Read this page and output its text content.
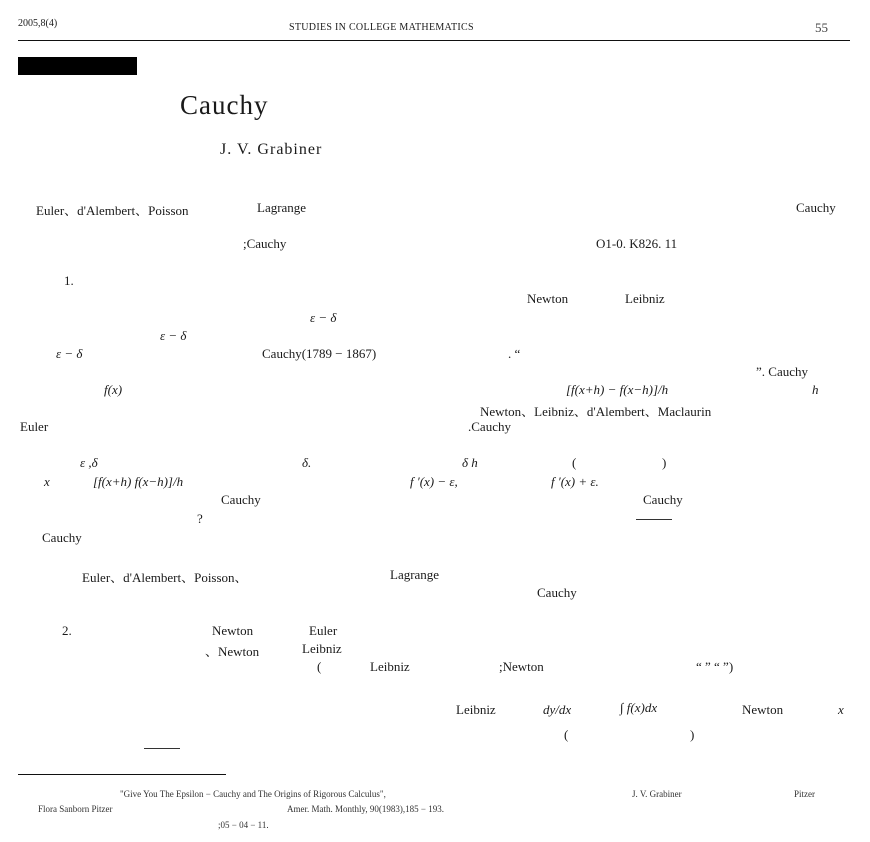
2005,8(4)	STUDIES IN COLLEGE MATHEMATICS	55
Cauchy
J. V. Grabiner
Euler、d'Alembert、Poisson	Lagrange	Cauchy
;Cauchy	O1-0. K826. 11
1.
Newton	Leibniz
ε − δ
ε − δ
ε − δ	Cauchy(1789 − 1867)	. “
”. Cauchy
f(x)	[f(x+h) − f(x−h)]/h	h
Newton、Leibniz、d'Alembert、Maclaurin
Euler	.Cauchy
ε ,δ	δ.	δ h	(	)
x	[f(x+h) f(x−h)]/h	f ′(x) − ε,	f ′(x) + ε.
Cauchy	Cauchy
?
Cauchy
Euler、d'Alembert、Poisson、	Lagrange
Cauchy
2.	Newton	Euler
、Newton	Leibniz
(	Leibniz	;Newton	“ ” “ ”)
Leibniz	dy/dx	∫ f(x)dx	Newton	x
(	)
"Give You The Epsilon − Cauchy and The Origins of Rigorous Calculus",	J. V. Grabiner	Pitzer
Flora Sanborn Pitzer	Amer. Math. Monthly, 90(1983),185 − 193.
;05 − 04 − 11.
